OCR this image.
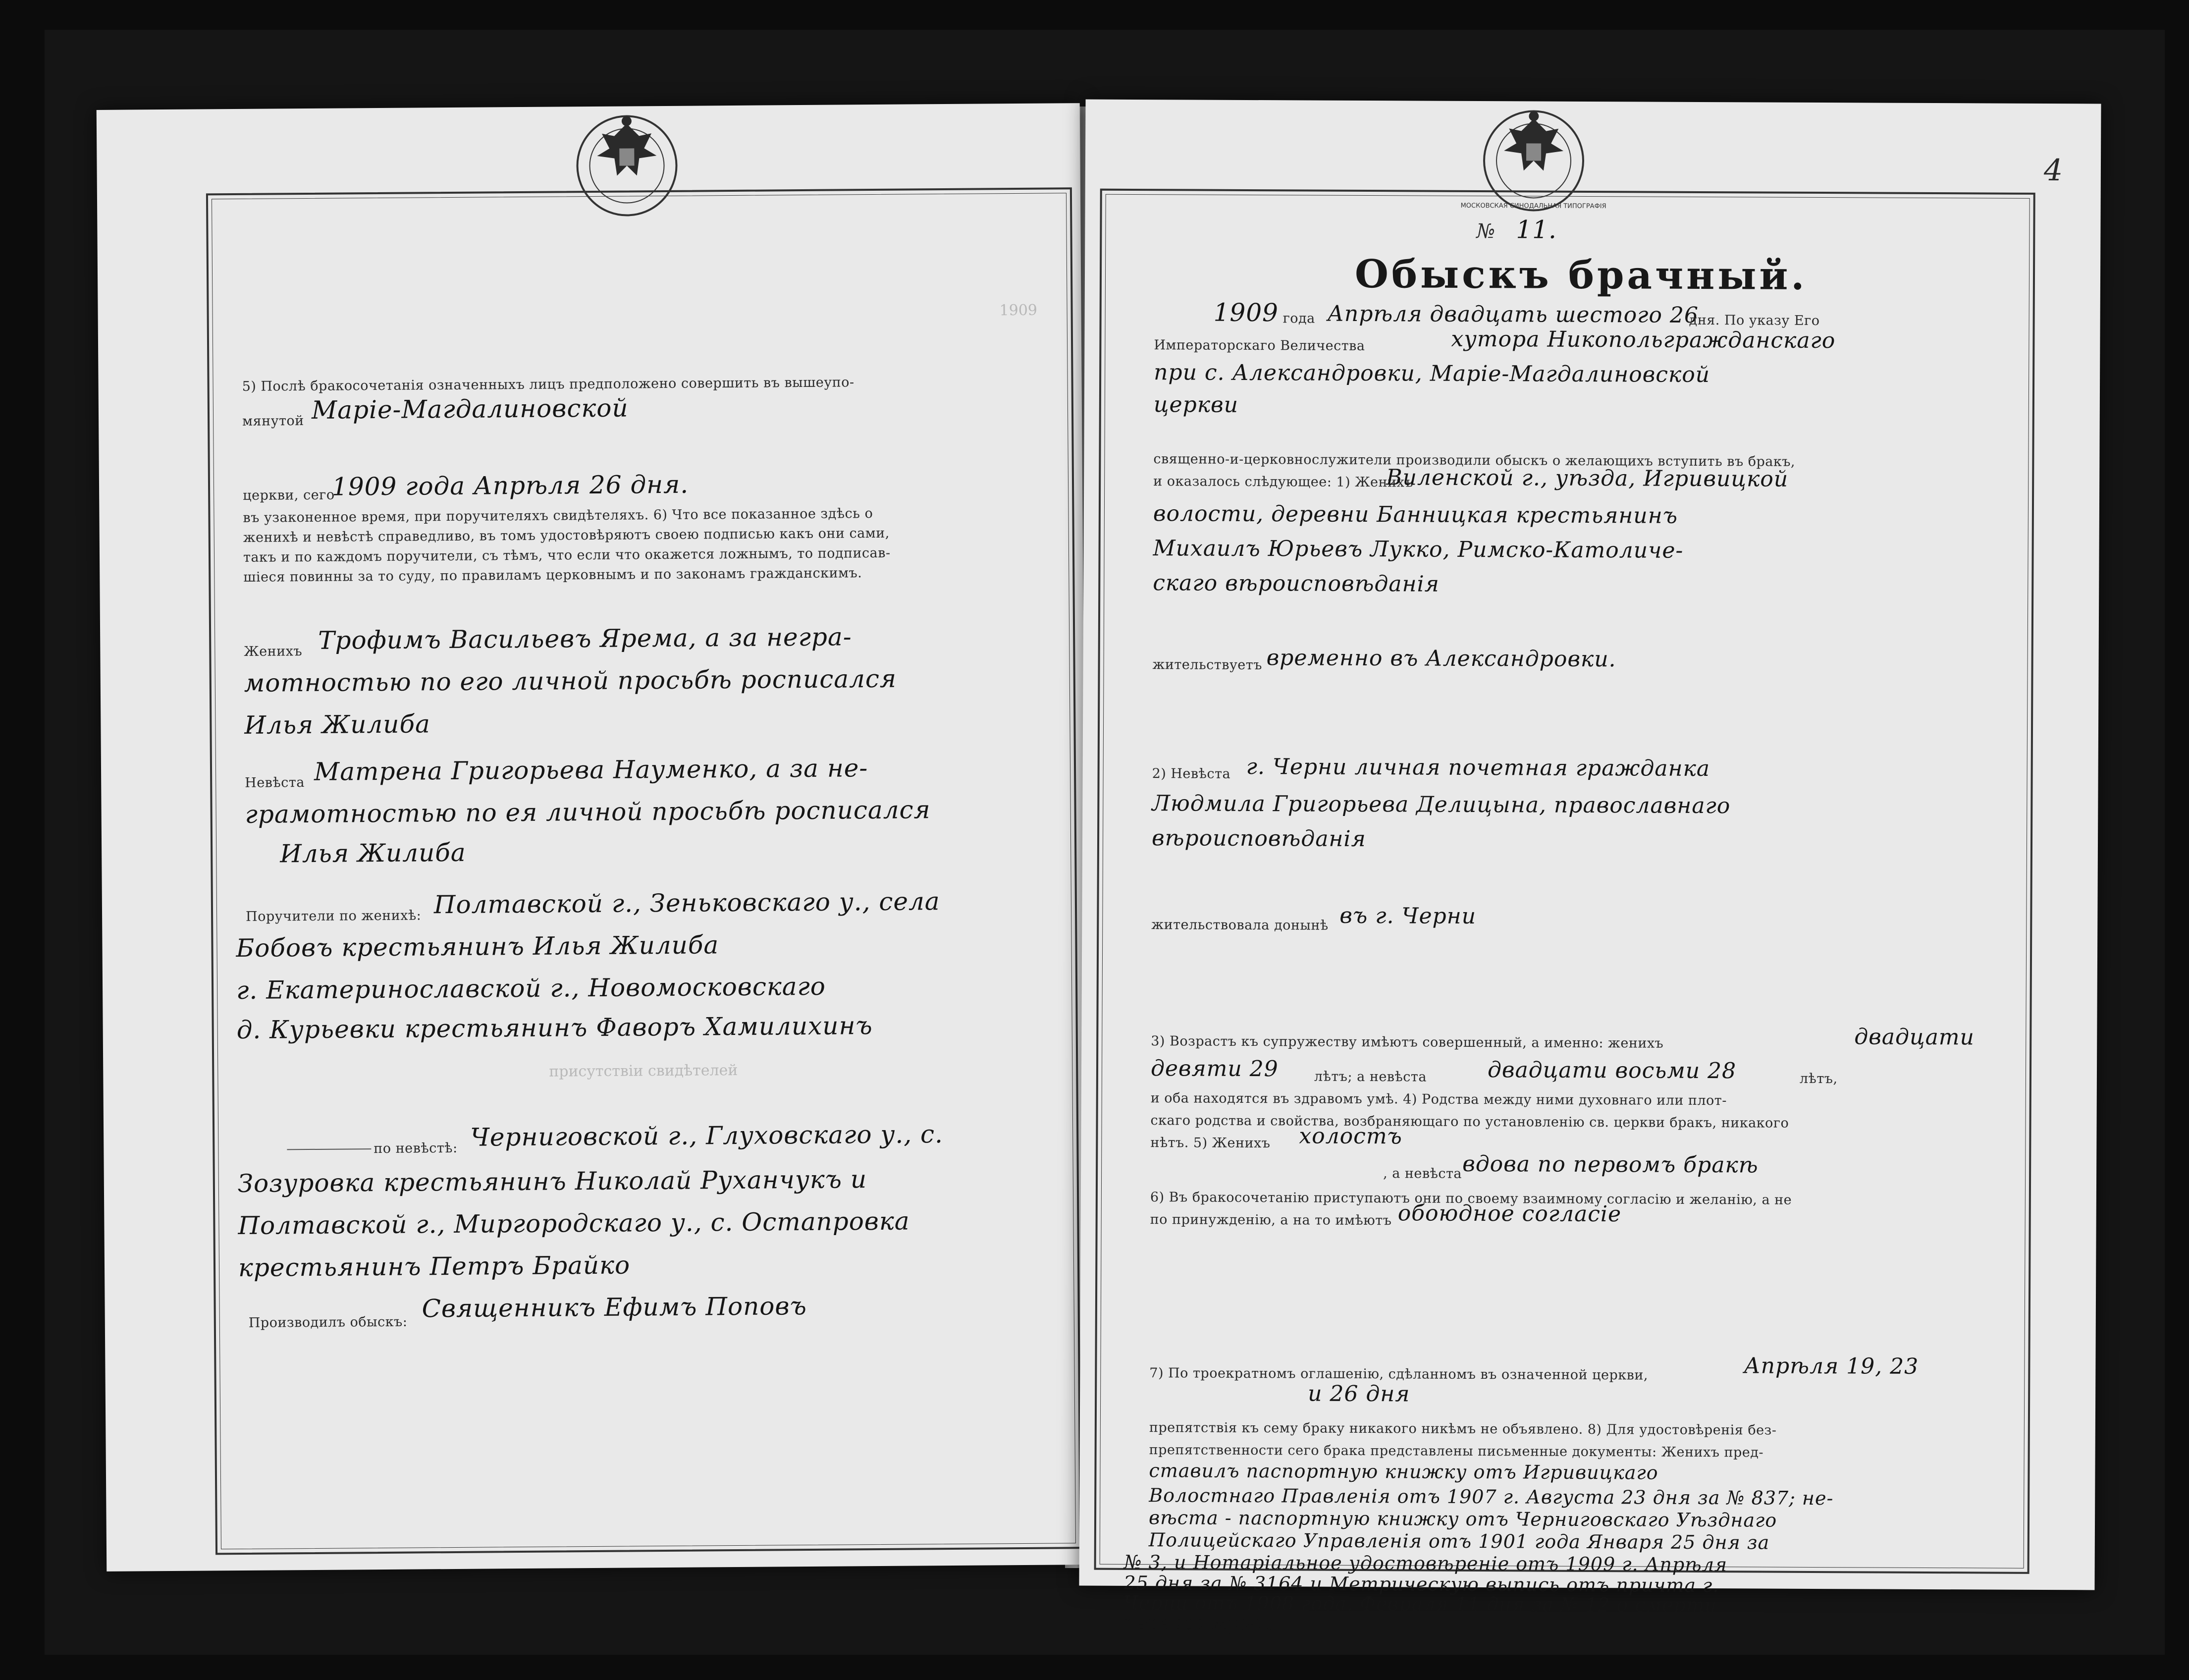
1909
5) Послѣ бракосочетанія означенныхъ лицъ предположено совершить въ вышеупо-
мянутой Маріе-Магдалиновской
церкви, сего
1909 года Апрѣля 26 дня.
въ узаконенное время, при поручителяхъ свидѣтеляхъ. 6) Что все показанное здѣсь о
женихѣ и невѣстѣ справедливо, въ томъ удостовѣряютъ своею подписью какъ они сами,
такъ и по каждомъ поручители, съ тѣмъ, что если что окажется ложнымъ, то подписав-
шіеся повинны за то суду, по правиламъ церковнымъ и по законамъ гражданскимъ.
Женихъ Трофимъ Васильевъ Ярема, а за негра-
мотностью по его личной просьбѣ росписался
Илья Жилиба
Невѣста Матрена Григорьева Науменко, а за не-
грамотностью по ея личной просьбѣ росписался
Илья Жилиба
Поручители по женихѣ: Полтавской г., Зеньковскаго у., села
Бобовъ крестьянинъ Илья Жилиба
г. Екатеринославской г., Новомосковскаго
д. Курьевки крестьянинъ Фаворъ Хамилихинъ
присутствіи свидѣтелей
по невѣстѣ: Черниговской г., Глуховскаго у., с.
Зозуровка крестьянинъ Николай Руханчукъ и
Полтавской г., Миргородскаго у., с. Остапровка
крестьянинъ Петръ Брайко
Производилъ обыскъ: Священникъ Ефимъ Поповъ
МОСКОВСКАЯ СИНОДАЛЬНАЯ ТИПОГРАФІЯ
4
№ 11.
Обыскъ брачный.
1909 года Апрѣля двадцать шестого 26
дня. По указу Его
Императорскаго Величества	хутора Никопольгражданскаго
при с. Александровки, Маріе-Магдалиновской
церкви
священно-и-церковнослужители производили обыскъ о желающихъ вступить въ бракъ,
и оказалось слѣдующее: 1) Женихъ
Виленской г., уѣзда, Игривицкой
волости, деревни Банницкая крестьянинъ
Михаилъ Юрьевъ Лукко, Римско-Католиче-
скаго вѣроисповѣданія
жительствуетъ временно въ Александровки.
2) Невѣста г. Черни личная почетная гражданка
Людмила Григорьева Делицына, православнаго
вѣроисповѣданія
жительствовала донынѣ въ г. Черни
3) Возрастъ къ супружеству имѣютъ совершенный, а именно: женихъ	двадцати
девяти 29	лѣтъ; а невѣста	двадцати восьми 28	лѣтъ,
и оба находятся въ здравомъ умѣ. 4) Родства между ними духовнаго или плот-
скаго родства и свойства, возбраняющаго по установленію св. церкви бракъ, никакого
нѣтъ. 5) Женихъ холостъ
, а невѣста вдова по первомъ бракѣ
6) Въ бракосочетанію приступаютъ они по своему взаимному согласію и желанію, а не
по принужденію, а на то имѣютъ обоюдное согласіе
7) По троекратномъ оглашенію, сдѣланномъ въ означенной церкви,	Апрѣля 19, 23
и 26 дня
препятствія къ сему браку никакого никѣмъ не объявлено. 8) Для удостовѣренія без-
препятственности сего брака представлены письменные документы: Женихъ пред-
ставилъ паспортную книжку отъ Игривицкаго
Волостнаго Правленія отъ 1907 г. Августа 23 дня за № 837; не-
вѣста - паспортную книжку отъ Черниговскаго Уѣзднаго
Полицейскаго Управленія отъ 1901 года Января 25 дня за
№ 3, и Нотаріальное удостовѣреніе отъ 1909 г. Апрѣля
25 дня за № 3164 и Метрическую выпись отъ причта г.
Черни отъ 1908 года, Февраля 11 дня за № 12 о смерти
перваго мужа.
